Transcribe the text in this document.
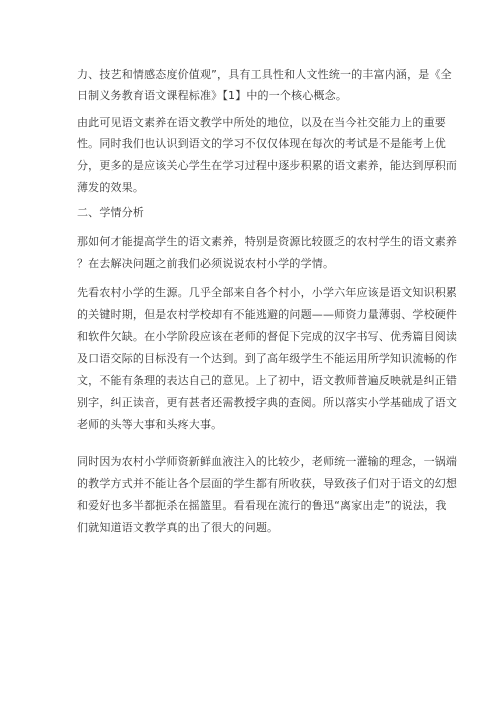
力、技艺和情感态度价值观”，具有工具性和人文性统一的丰富内涵，是《全
日制义务教育语文课程标准》【1】中的一个核心概念。
由此可见语文素养在语文教学中所处的地位，以及在当今社交能力上的重要
性。同时我们也认识到语文的学习不仅仅体现在每次的考试是不是能考上优
分，更多的是应该关心学生在学习过程中逐步积累的语文素养，能达到厚积而
薄发的效果。
二、学情分析
那如何才能提高学生的语文素养，特别是资源比较匮乏的农村学生的语文素养
？在去解决问题之前我们必须说说农村小学的学情。
先看农村小学的生源。几乎全部来自各个村小，小学六年应该是语文知识积累
的关键时期，但是农村学校却有不能逃避的问题——师资力量薄弱、学校硬件
和软件欠缺。在小学阶段应该在老师的督促下完成的汉字书写、优秀篇目阅读
及口语交际的目标没有一个达到。到了高年级学生不能运用所学知识流畅的作
文，不能有条理的表达自己的意见。上了初中，语文教师普遍反映就是纠正错
别字，纠正读音，更有甚者还需教授字典的查阅。所以落实小学基础成了语文
老师的头等大事和头疼大事。
同时因为农村小学师资新鲜血液注入的比较少，老师统一灌输的理念，一锅端
的教学方式并不能让各个层面的学生都有所收获，导致孩子们对于语文的幻想
和爱好也多半都扼杀在摇篮里。看看现在流行的鲁迅“离家出走”的说法，我
们就知道语文教学真的出了很大的问题。
